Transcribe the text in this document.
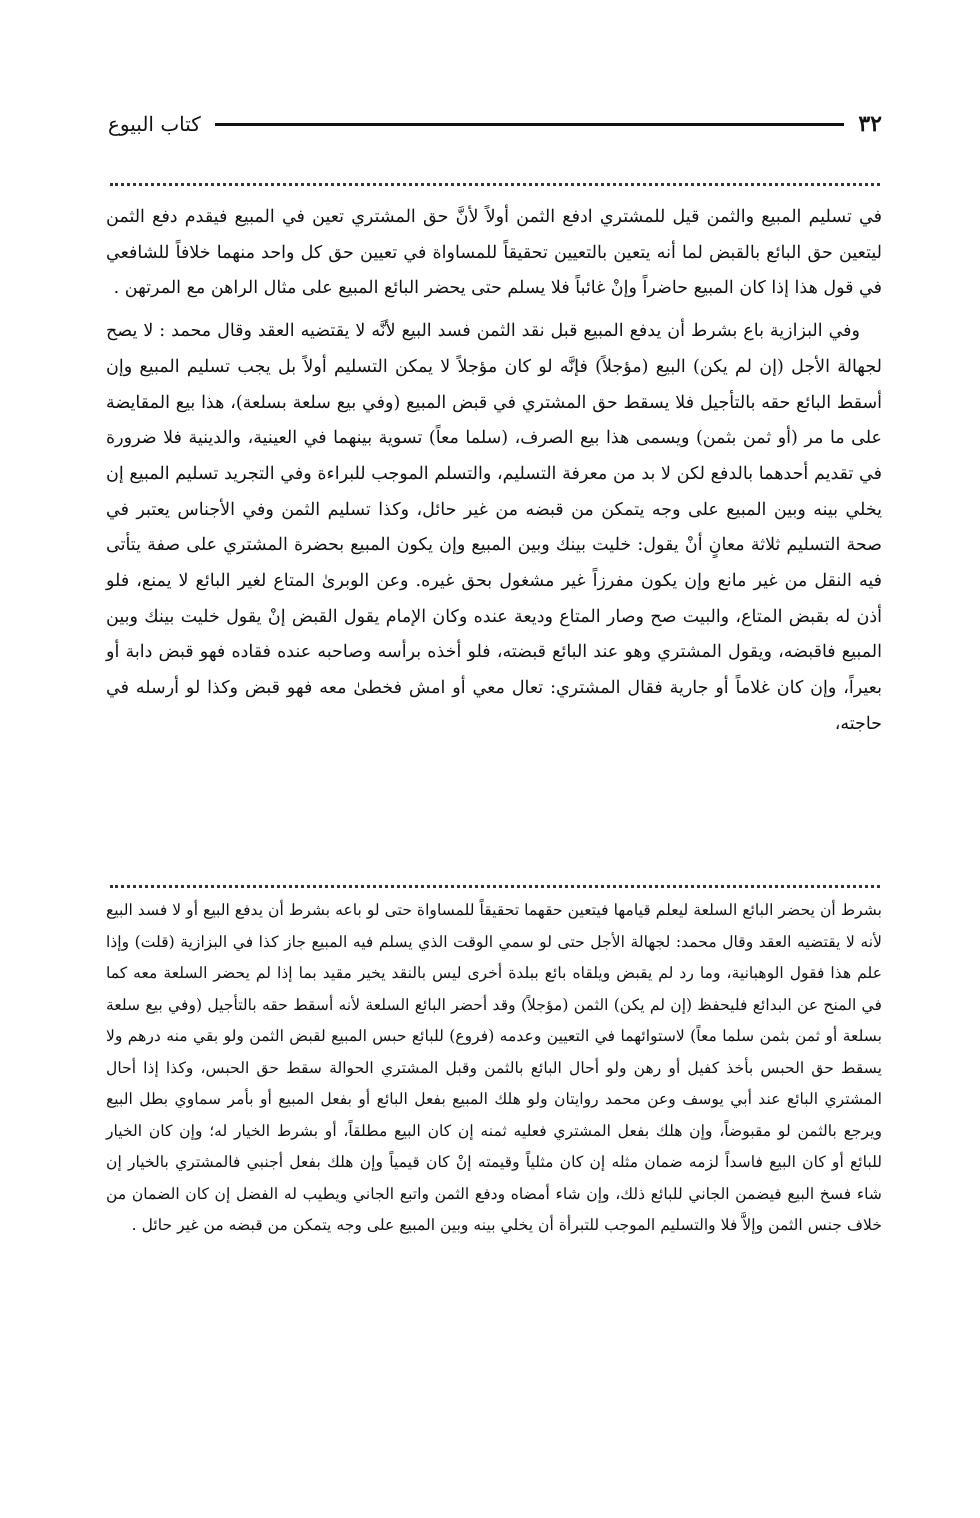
٣٢
كتاب البيوع

في تسليم المبيع والثمن قيل للمشتري ادفع الثمن أولاً لأنَّ حق المشتري تعين في المبيع فيقدم دفع الثمن ليتعين حق البائع بالقبض لما أنه يتعين بالتعيين تحقيقاً للمساواة في تعيين حق كل واحد منهما خلافاً للشافعي في قول هذا إذا كان المبيع حاضراً وإنْ غائباً فلا يسلم حتى يحضر البائع المبيع على مثال الراهن مع المرتهن .

وفي البزازية باع بشرط أن يدفع المبيع قبل نقد الثمن فسد البيع لأنَّه لا يقتضيه العقد وقال محمد : لا يصح لجهالة الأجل (إن لم يكن) البيع (مؤجلاً) فإنَّه لو كان مؤجلاً لا يمكن التسليم أولاً بل يجب تسليم المبيع وإن أسقط البائع حقه بالتأجيل فلا يسقط حق المشتري في قبض المبيع (وفي بيع سلعة بسلعة)، هذا بيع المقايضة على ما مر (أو ثمن بثمن) ويسمى هذا بيع الصرف، (سلما معاً) تسوية بينهما في العينية، والدينية فلا ضرورة في تقديم أحدهما بالدفع لكن لا بد من معرفة التسليم، والتسلم الموجب للبراءة وفي التجريد تسليم المبيع إن يخلي بينه وبين المبيع على وجه يتمكن من قبضه من غير حائل، وكذا تسليم الثمن وفي الأجناس يعتبر في صحة التسليم ثلاثة معانٍ أنْ يقول: خليت بينك وبين المبيع وإن يكون المبيع بحضرة المشتري على صفة يتأتى فيه النقل من غير مانع وإن يكون مفرزاً غير مشغول بحق غيره. وعن الوبرىٰ المتاع لغير البائع لا يمنع، فلو أذن له بقبض المتاع، والبيت صح وصار المتاع وديعة عنده وكان الإمام يقول القبض إنْ يقول خليت بينك وبين المبيع فاقبضه، ويقول المشتري وهو عند البائع قبضته، فلو أخذه برأسه وصاحبه عنده فقاده فهو قبض دابة أو بعيراً، وإن كان غلاماً أو جارية فقال المشتري: تعال معي أو امش فخطىٰ معه فهو قبض وكذا لو أرسله في حاجته،

بشرط أن يحضر البائع السلعة ليعلم قيامها فيتعين حقهما تحقيقاً للمساواة حتى لو باعه بشرط أن يدفع البيع أو لا فسد البيع لأنه لا يقتضيه العقد وقال محمد: لجهالة الأجل حتى لو سمي الوقت الذي يسلم فيه المبيع جاز كذا في البزازية (قلت) وإذا علم هذا فقول الوهبانية، وما رد لم يقبض ويلقاه بائع ببلدة أخرى ليس بالنقد يخير مقيد بما إذا لم يحضر السلعة معه كما في المنح عن البدائع فليحفظ (إن لم يكن) الثمن (مؤجلاً) وقد أحضر البائع السلعة لأنه أسقط حقه بالتأجيل (وفي بيع سلعة بسلعة أو ثمن بثمن سلما معاً) لاستوائهما في التعيين وعدمه (فروع) للبائع حبس المبيع لقبض الثمن ولو بقي منه درهم ولا يسقط حق الحبس بأخذ كفيل أو رهن ولو أحال البائع بالثمن وقبل المشتري الحوالة سقط حق الحبس، وكذا إذا أحال المشتري البائع عند أبي يوسف وعن محمد روايتان ولو هلك المبيع بفعل البائع أو بفعل المبيع أو بأمر سماوي بطل البيع ويرجع بالثمن لو مقبوضاً، وإن هلك بفعل المشتري فعليه ثمنه إن كان البيع مطلقاً، أو بشرط الخيار له؛ وإن كان الخيار للبائع أو كان البيع فاسداً لزمه ضمان مثله إن كان مثلياً وقيمته إنْ كان قيمياً وإن هلك بفعل أجنبي فالمشتري بالخيار إن شاء فسخ البيع فيضمن الجاني للبائع ذلك، وإن شاء أمضاه ودفع الثمن واتبع الجاني ويطيب له الفضل إن كان الضمان من خلاف جنس الثمن وإلاَّ فلا والتسليم الموجب للتبرأة أن يخلي بينه وبين المبيع على وجه يتمكن من قبضه من غير حائل .
